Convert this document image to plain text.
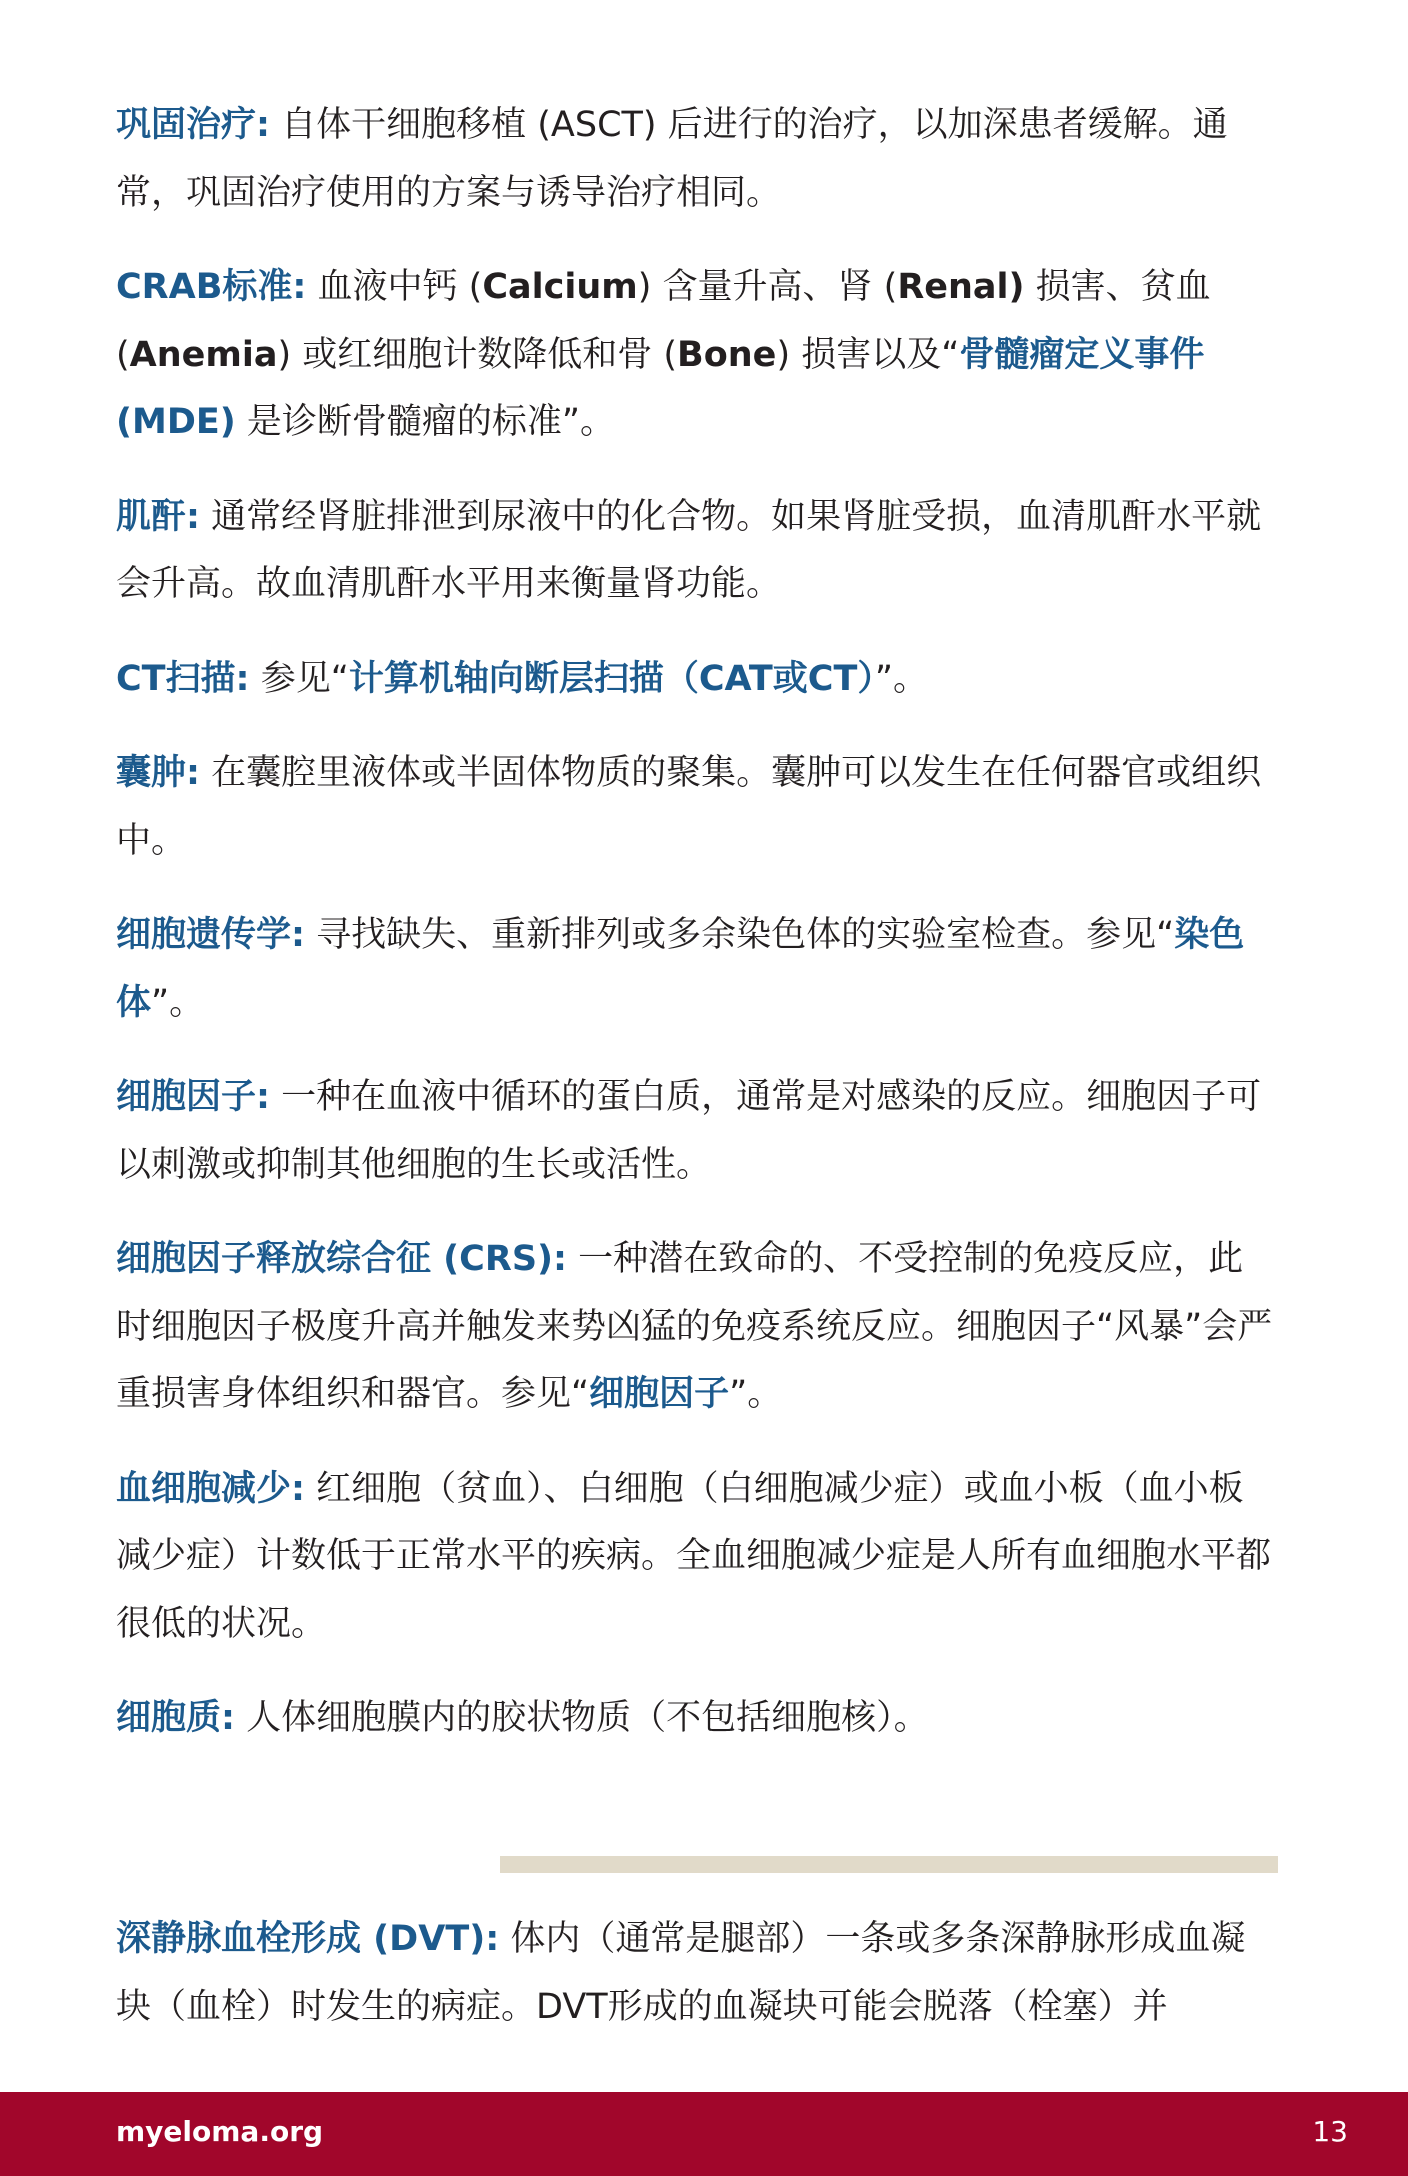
巩固治疗: 自体干细胞移植 (ASCT) 后进行的治疗，以加深患者缓解。通常，巩固治疗使用的方案与诱导治疗相同。

CRAB标准: 血液中钙 (Calcium) 含量升高、肾 (Renal) 损害、贫血 (Anemia) 或红细胞计数降低和骨 (Bone) 损害以及“骨髓瘤定义事件 (MDE) 是诊断骨髓瘤的标准”。

肌酐: 通常经肾脏排泄到尿液中的化合物。如果肾脏受损，血清肌酐水平就会升高。故血清肌酐水平用来衡量肾功能。

CT扫描: 参见“计算机轴向断层扫描（CAT或CT）”。

囊肿: 在囊腔里液体或半固体物质的聚集。囊肿可以发生在任何器官或组织中。

细胞遗传学: 寻找缺失、重新排列或多余染色体的实验室检查。参见“染色体”。

细胞因子: 一种在血液中循环的蛋白质，通常是对感染的反应。细胞因子可以刺激或抑制其他细胞的生长或活性。

细胞因子释放综合征 (CRS): 一种潜在致命的、不受控制的免疫反应，此时细胞因子极度升高并触发来势凶猛的免疫系统反应。细胞因子“风暴”会严重损害身体组织和器官。参见“细胞因子”。

血细胞减少: 红细胞（贫血）、白细胞（白细胞减少症）或血小板（血小板减少症）计数低于正常水平的疾病。全血细胞减少症是人所有血细胞水平都很低的状况。

细胞质: 人体细胞膜内的胶状物质（不包括细胞核）。

深静脉血栓形成 (DVT): 体内（通常是腿部）一条或多条深静脉形成血凝块（血栓）时发生的病症。DVT形成的血凝块可能会脱落（栓塞）并

myeloma.org	13
